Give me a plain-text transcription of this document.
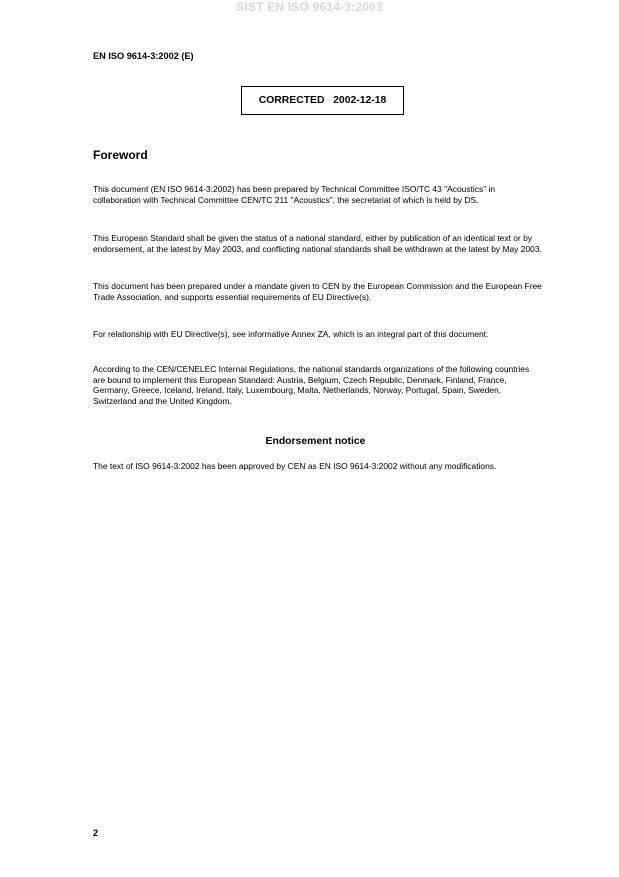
SIST EN ISO 9614-3:2003
EN ISO 9614-3:2002 (E)
CORRECTED   2002-12-18
Foreword
This document (EN ISO 9614-3:2002) has been prepared by Technical Committee ISO/TC 43 "Acoustics" in collaboration with Technical Committee CEN/TC 211 "Acoustics", the secretariat of which is held by DS.
This European Standard shall be given the status of a national standard, either by publication of an identical text or by endorsement, at the latest by May 2003, and conflicting national standards shall be withdrawn at the latest by May 2003.
This document has been prepared under a mandate given to CEN by the European Commission and the European Free Trade Association, and supports essential requirements of EU Directive(s).
For relationship with EU Directive(s), see informative Annex ZA, which is an integral part of this document.
According to the CEN/CENELEC Internal Regulations, the national standards organizations of the following countries are bound to implement this European Standard: Austria, Belgium, Czech Republic, Denmark, Finland, France, Germany, Greece, Iceland, Ireland, Italy, Luxembourg, Malta, Netherlands, Norway, Portugal, Spain, Sweden, Switzerland and the United Kingdom.
Endorsement notice
The text of ISO 9614-3:2002 has been approved by CEN as EN ISO 9614-3:2002 without any modifications.
2
